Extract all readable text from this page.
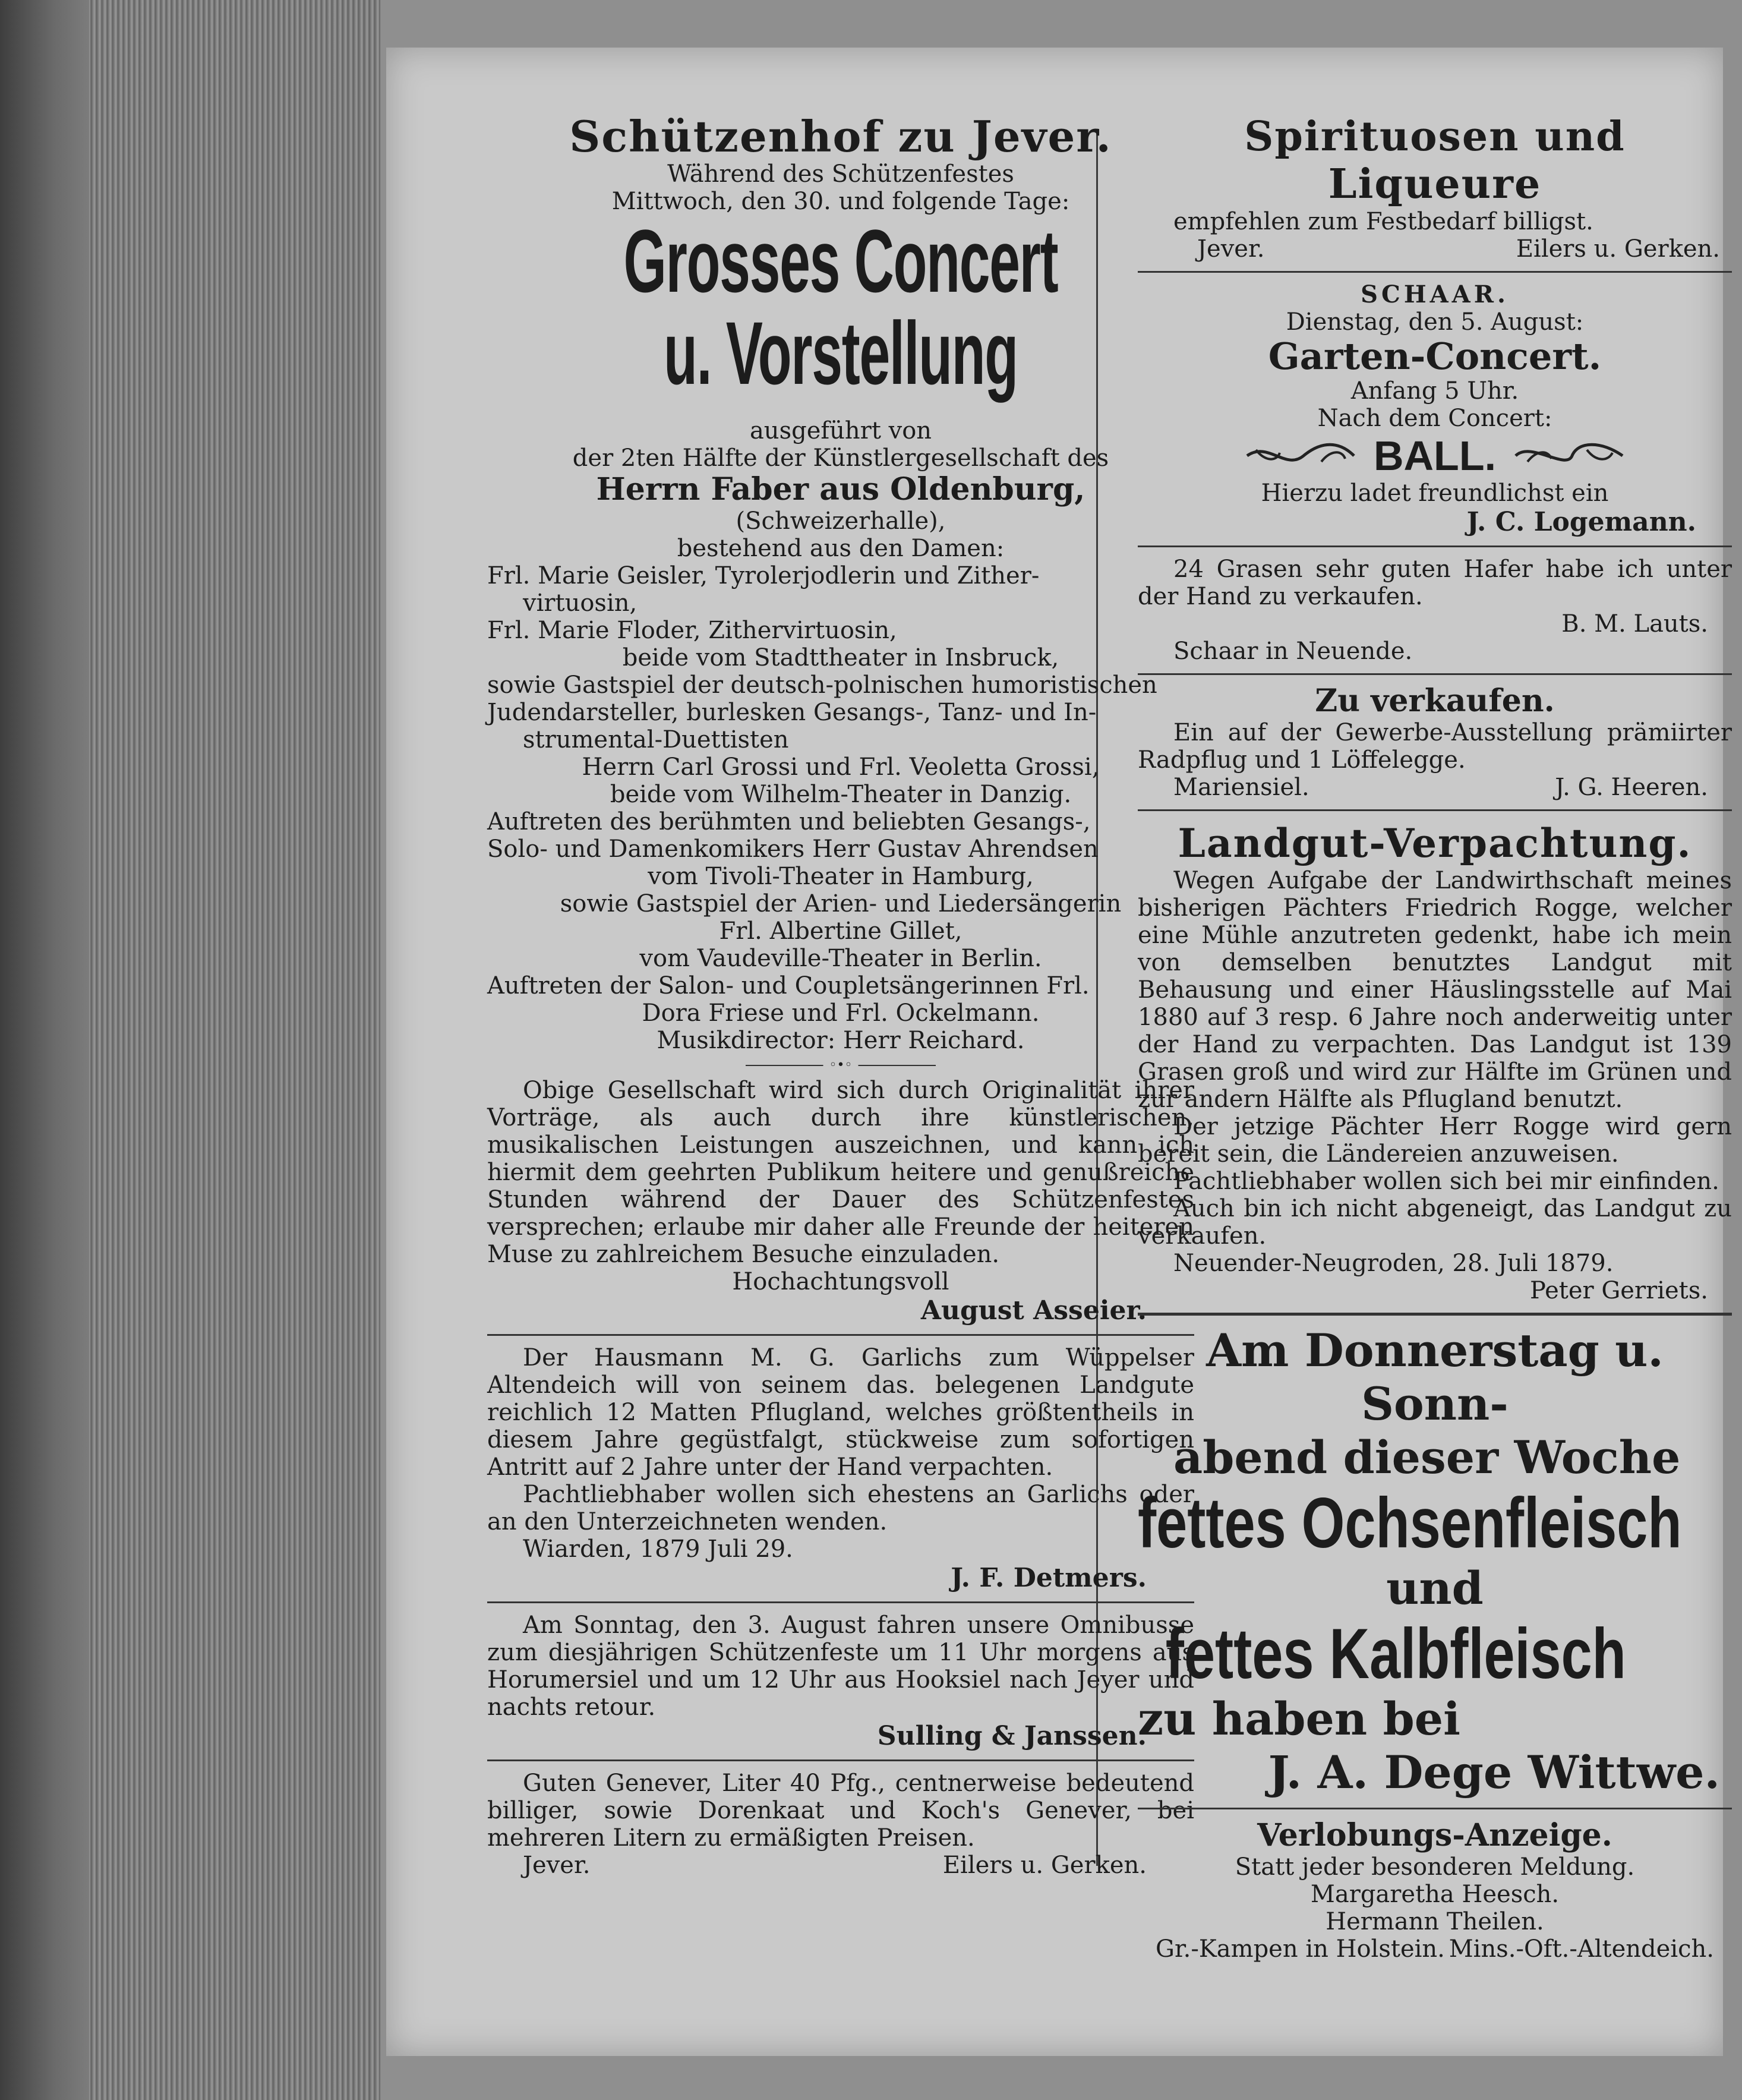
Schützenhof zu Jever.
Während des Schützenfestes
Mittwoch, den 30. und folgende Tage:
Grosses Concert
u. Vorstellung
ausgeführt von
der 2ten Hälfte der Künstlergesellschaft des
Herrn Faber aus Oldenburg,
(Schweizerhalle),
bestehend aus den Damen:
Frl. Marie Geisler, Tyrolerjodlerin und Zither-
virtuosin,
Frl. Marie Floder, Zithervirtuosin,
beide vom Stadttheater in Insbruck,
sowie Gastspiel der deutsch-polnischen humoristischen
Judendarsteller, burlesken Gesangs-, Tanz- und In-
strumental-Duettisten
Herrn Carl Grossi und Frl. Veoletta Grossi,
beide vom Wilhelm-Theater in Danzig.
Auftreten des berühmten und beliebten Gesangs-,
Solo- und Damenkomikers Herr Gustav Ahrendsen
vom Tivoli-Theater in Hamburg,
sowie Gastspiel der Arien- und Liedersängerin
Frl. Albertine Gillet,
vom Vaudeville-Theater in Berlin.
Auftreten der Salon- und Coupletsängerinnen Frl.
Dora Friese und Frl. Ockelmann.
Musikdirector: Herr Reichard.
◦•◦

Obige Gesellschaft wird sich durch Originalität ihrer Vorträge, als auch durch ihre künstlerischen, musikalischen Leistungen auszeichnen, und kann ich hiermit dem geehrten Publikum heitere und genußreiche Stunden während der Dauer des Schützenfestes versprechen; erlaube mir daher alle Freunde der heiteren Muse zu zahlreichem Besuche einzuladen.

Hochachtungsvoll
August Asseier.

Der Hausmann M. G. Garlichs zum Wüppelser Altendeich will von seinem das. belegenen Landgute reichlich 12 Matten Pflugland, welches größtentheils in diesem Jahre gegüstfalgt, stückweise zum sofortigen Antritt auf 2 Jahre unter der Hand verpachten.

Pachtliebhaber wollen sich ehestens an Garlichs oder an den Unterzeichneten wenden.

Wiarden, 1879 Juli 29.
J. F. Detmers.

Am Sonntag, den 3. August fahren unsere Omnibusse zum diesjährigen Schützenfeste um 11 Uhr morgens aus Horumersiel und um 12 Uhr aus Hooksiel nach Jeyer und nachts retour.

Sulling & Janssen.

Guten Genever, Liter 40 Pfg., centnerweise bedeutend billiger, sowie Dorenkaat und Koch's Genever, bei mehreren Litern zu ermäßigten Preisen.

Jever.	Eilers u. Gerken.
Spirituosen und Liqueure
empfehlen zum Festbedarf billigst.
Jever.	Eilers u. Gerken.
SCHAAR.
Dienstag, den 5. August:
Garten-Concert.
Anfang 5 Uhr.
Nach dem Concert:
BALL.
Hierzu ladet freundlichst ein
J. C. Logemann.

24 Grasen sehr guten Hafer habe ich unter der Hand zu verkaufen.

B. M. Lauts.
Schaar in Neuende.
Zu verkaufen.

Ein auf der Gewerbe-Ausstellung prämiirter Radpflug und 1 Löffelegge.

Mariensiel.	J. G. Heeren.
Landgut-Verpachtung.

Wegen Aufgabe der Landwirthschaft meines bisherigen Pächters Friedrich Rogge, welcher eine Mühle anzutreten gedenkt, habe ich mein von demselben benutztes Landgut mit Behausung und einer Häuslingsstelle auf Mai 1880 auf 3 resp. 6 Jahre noch anderweitig unter der Hand zu verpachten. Das Landgut ist 139 Grasen groß und wird zur Hälfte im Grünen und zur andern Hälfte als Pflugland benutzt.

Der jetzige Pächter Herr Rogge wird gern bereit sein, die Ländereien anzuweisen.

Pachtliebhaber wollen sich bei mir einfinden.

Auch bin ich nicht abgeneigt, das Landgut zu verkaufen.

Neuender-Neugroden, 28. Juli 1879.
Peter Gerriets.
Am Donnerstag u. Sonn-
abend dieser Woche
fettes Ochsenfleisch
und
fettes Kalbfleisch
zu haben bei
J. A. Dege Wittwe.
Verlobungs-Anzeige.
Statt jeder besonderen Meldung.
Margaretha Heesch.
Hermann Theilen.
Gr.-Kampen in Holstein. Mins.-Oft.-Altendeich.
